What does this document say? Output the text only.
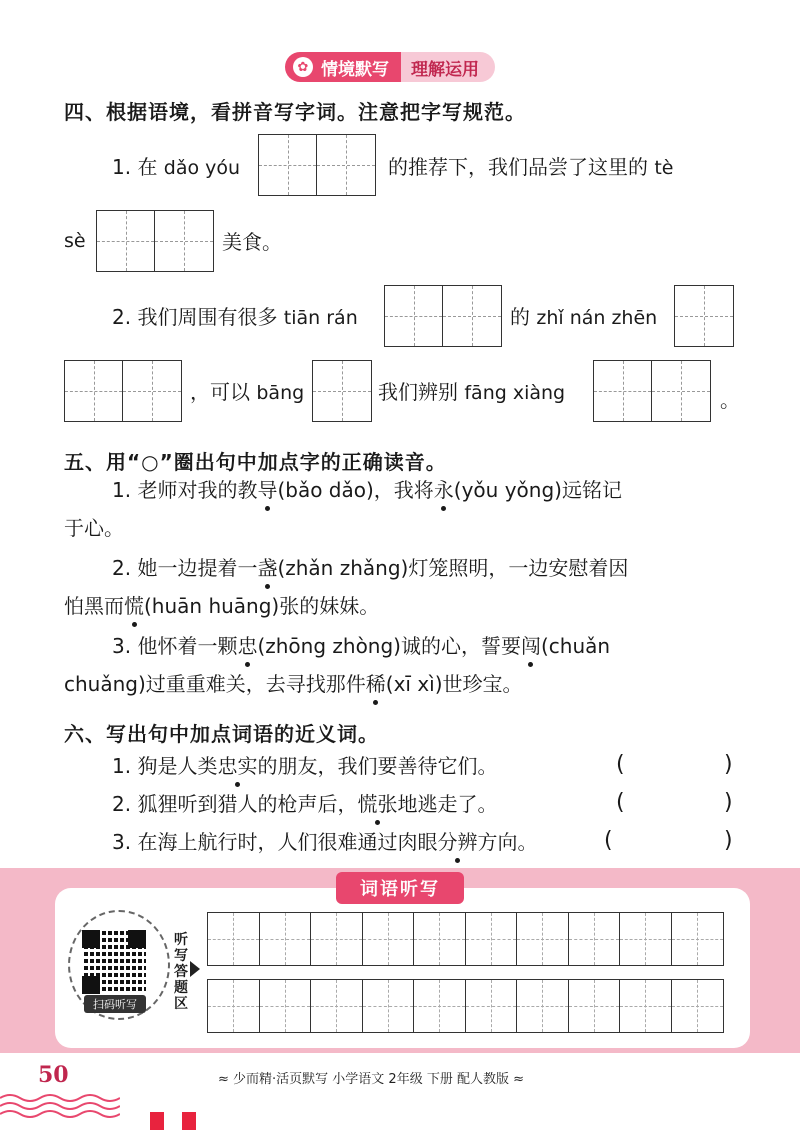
✿ 情境默写	理解运用
四、根据语境，看拼音写字词。注意把字写规范。
1. 在 dǎo yóu	的推荐下，我们品尝了这里的 tè
sè	美食。
2. 我们周围有很多 tiān rán	的 zhǐ nán zhēn
，可以 bāng	我们辨别 fāng xiàng	。
五、用“○”圈出句中加点字的正确读音。
1. 老师对我的教导(bǎo dǎo)，我将永(yǒu yǒng)远铭记
于心。
2. 她一边提着一盏(zhǎn zhǎng)灯笼照明，一边安慰着因
怕黑而慌(huān huāng)张的妹妹。
3. 他怀着一颗忠(zhōng zhòng)诚的心，誓要闯(chuǎn
chuǎng)过重重难关，去寻找那件稀(xī xì)世珍宝。
六、写出句中加点词语的近义词。
1. 狗是人类忠实的朋友，我们要善待它们。	(	)
2. 狐狸听到猎人的枪声后，慌张地逃走了。	(	)
3. 在海上航行时，人们很难通过肉眼分辨方向。	(	)
词语听写
扫码听写
听写答题区
50	≈ 少而精·活页默写 小学语文 2年级 下册 配人教版 ≈
